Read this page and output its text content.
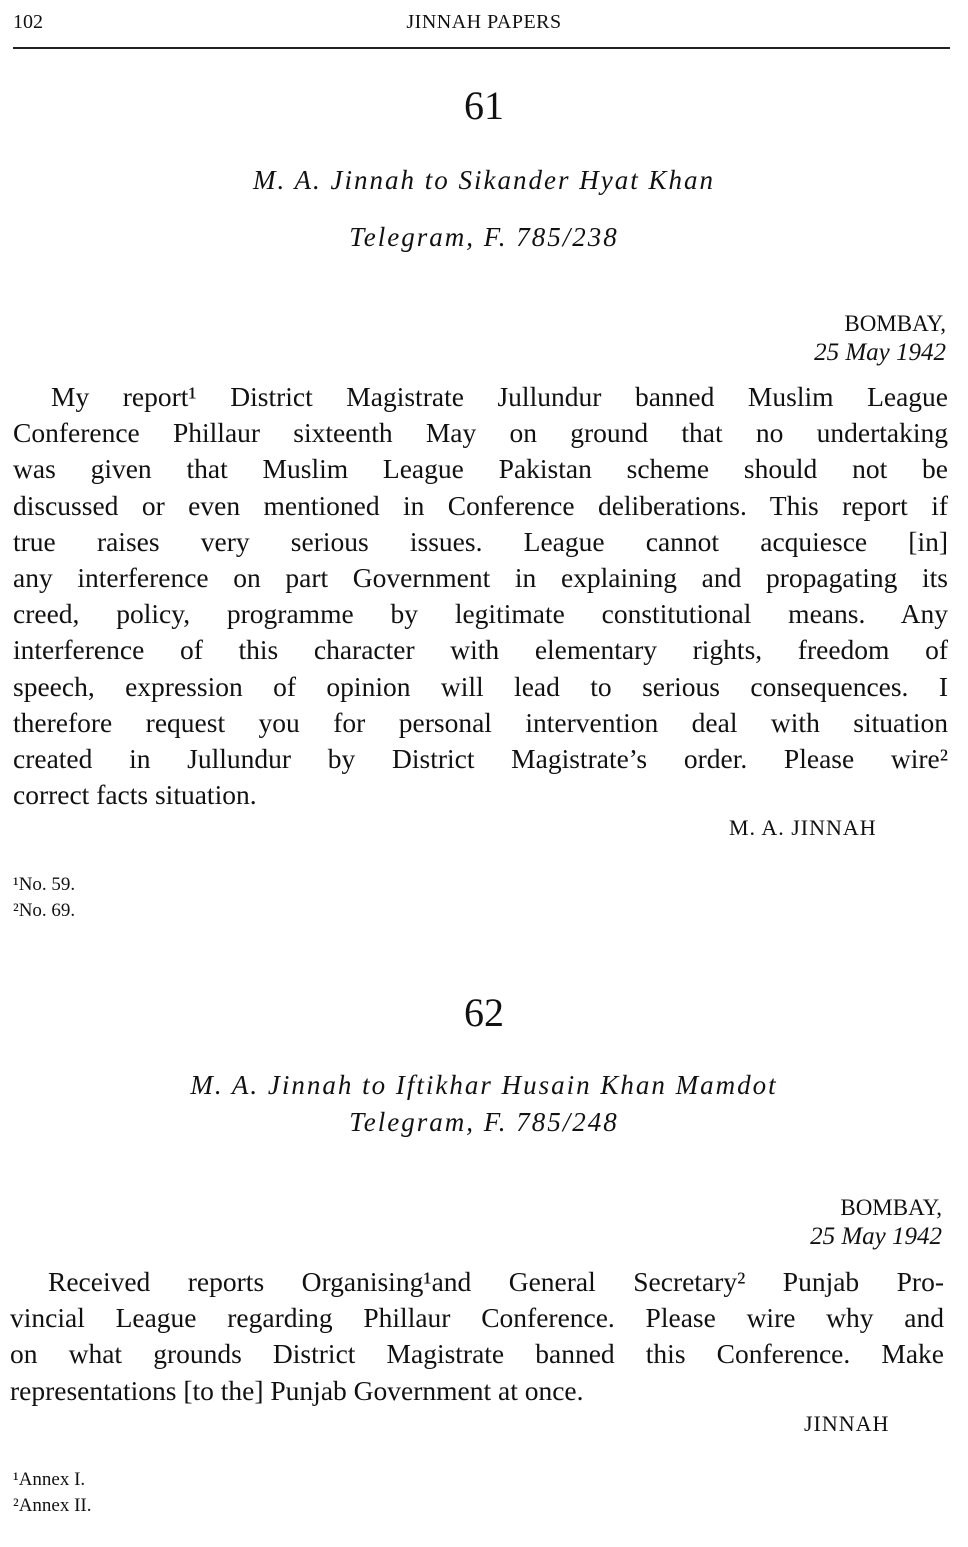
102	JINNAH PAPERS
61
M. A. Jinnah to Sikander Hyat Khan
Telegram, F. 785/238
BOMBAY,
25 May 1942
My report¹ District Magistrate Jullundur banned Muslim League
Conference Phillaur sixteenth May on ground that no undertaking
was given that Muslim League Pakistan scheme should not be
discussed or even mentioned in Conference deliberations. This report if
true raises very serious issues. League cannot acquiesce [in]
any interference on part Government in explaining and propagating its
creed, policy, programme by legitimate constitutional means. Any
interference of this character with elementary rights, freedom of
speech, expression of opinion will lead to serious consequences. I
therefore request you for personal intervention deal with situation
created in Jullundur by District Magistrate’s order. Please wire²
correct facts situation.
M. A. JINNAH
¹No. 59.
²No. 69.
62
M. A. Jinnah to Iftikhar Husain Khan Mamdot
Telegram, F. 785/248
BOMBAY,
25 May 1942
Received reports Organising¹and General Secretary² Punjab Pro-
vincial League regarding Phillaur Conference. Please wire why and
on what grounds District Magistrate banned this Conference. Make
representations [to the] Punjab Government at once.
JINNAH
¹Annex I.
²Annex II.
